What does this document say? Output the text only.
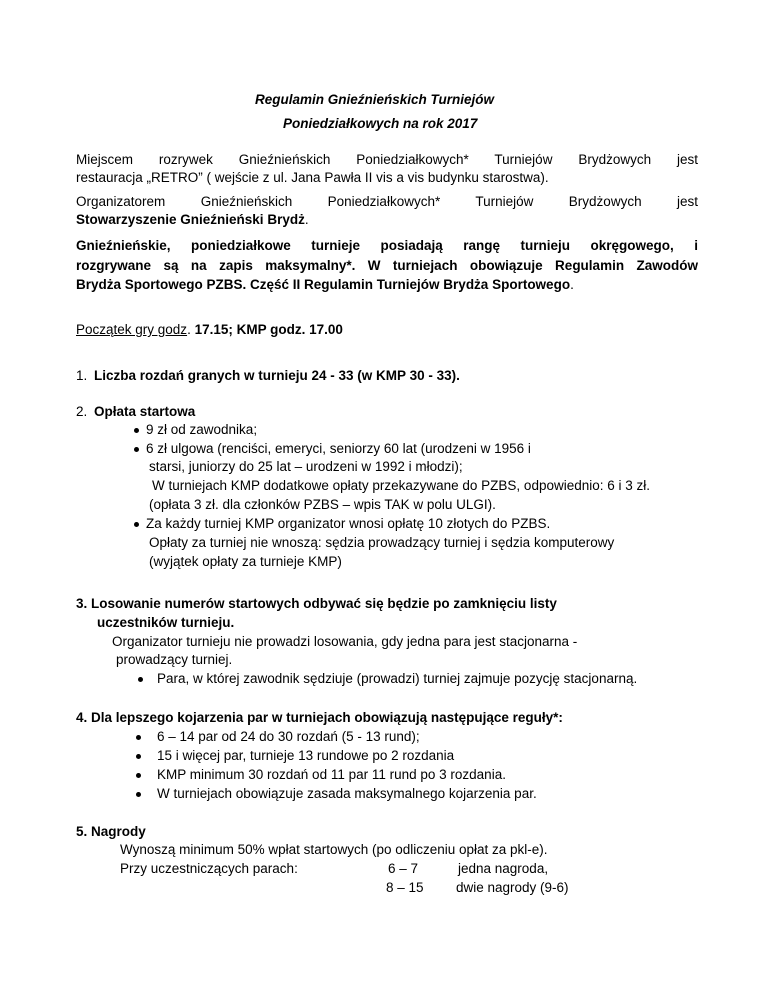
Regulamin Gnieźnieńskich Turniejów
Poniedziałkowych na rok 2017
Miejscem rozrywek Gnieźnieńskich Poniedziałkowych* Turniejów Brydżowych jest
restauracja „RETRO” ( wejście z ul. Jana Pawła II vis a vis budynku starostwa).
Organizatorem Gnieźnieńskich Poniedziałkowych* Turniejów Brydżowych jest
Stowarzyszenie Gnieźnieński Brydż.
Gnieźnieńskie, poniedziałkowe turnieje posiadają rangę turnieju okręgowego, i
rozgrywane są na zapis maksymalny*. W turniejach obowiązuje Regulamin Zawodów
Brydża Sportowego PZBS. Część II Regulamin Turniejów Brydża Sportowego.
Początek gry godz. 17.15; KMP godz. 17.00
1. Liczba rozdań granych w turnieju 24 - 33 (w KMP 30 - 33).
2. Opłata startowa
9 zł od zawodnika;
6 zł ulgowa (renciści, emeryci, seniorzy 60 lat (urodzeni w 1956 i
starsi, juniorzy do 25 lat – urodzeni w 1992 i młodzi);
W turniejach KMP dodatkowe opłaty przekazywane do PZBS, odpowiednio: 6 i 3 zł.
(opłata 3 zł. dla członków PZBS – wpis TAK w polu ULGI).
Za każdy turniej KMP organizator wnosi opłatę 10 złotych do PZBS.
Opłaty za turniej nie wnoszą: sędzia prowadzący turniej i sędzia komputerowy
(wyjątek opłaty za turnieje KMP)
3. Losowanie numerów startowych odbywać się będzie po zamknięciu listy
uczestników turnieju.
Organizator turnieju nie prowadzi losowania, gdy jedna para jest stacjonarna -
prowadzący turniej.
Para, w której zawodnik sędziuje (prowadzi) turniej zajmuje pozycję stacjonarną.
4. Dla lepszego kojarzenia par w turniejach obowiązują następujące reguły*:
6 – 14 par od 24 do 30 rozdań (5 - 13 rund);
15 i więcej par, turnieje 13 rundowe po 2 rozdania
KMP minimum 30 rozdań od 11 par 11 rund po 3 rozdania.
W turniejach obowiązuje zasada maksymalnego kojarzenia par.
5. Nagrody
Wynoszą minimum 50% wpłat startowych (po odliczeniu opłat za pkl-e).
Przy uczestniczących parach:	6 – 7	jedna nagroda,
8 – 15 dwie nagrody (9-6)
